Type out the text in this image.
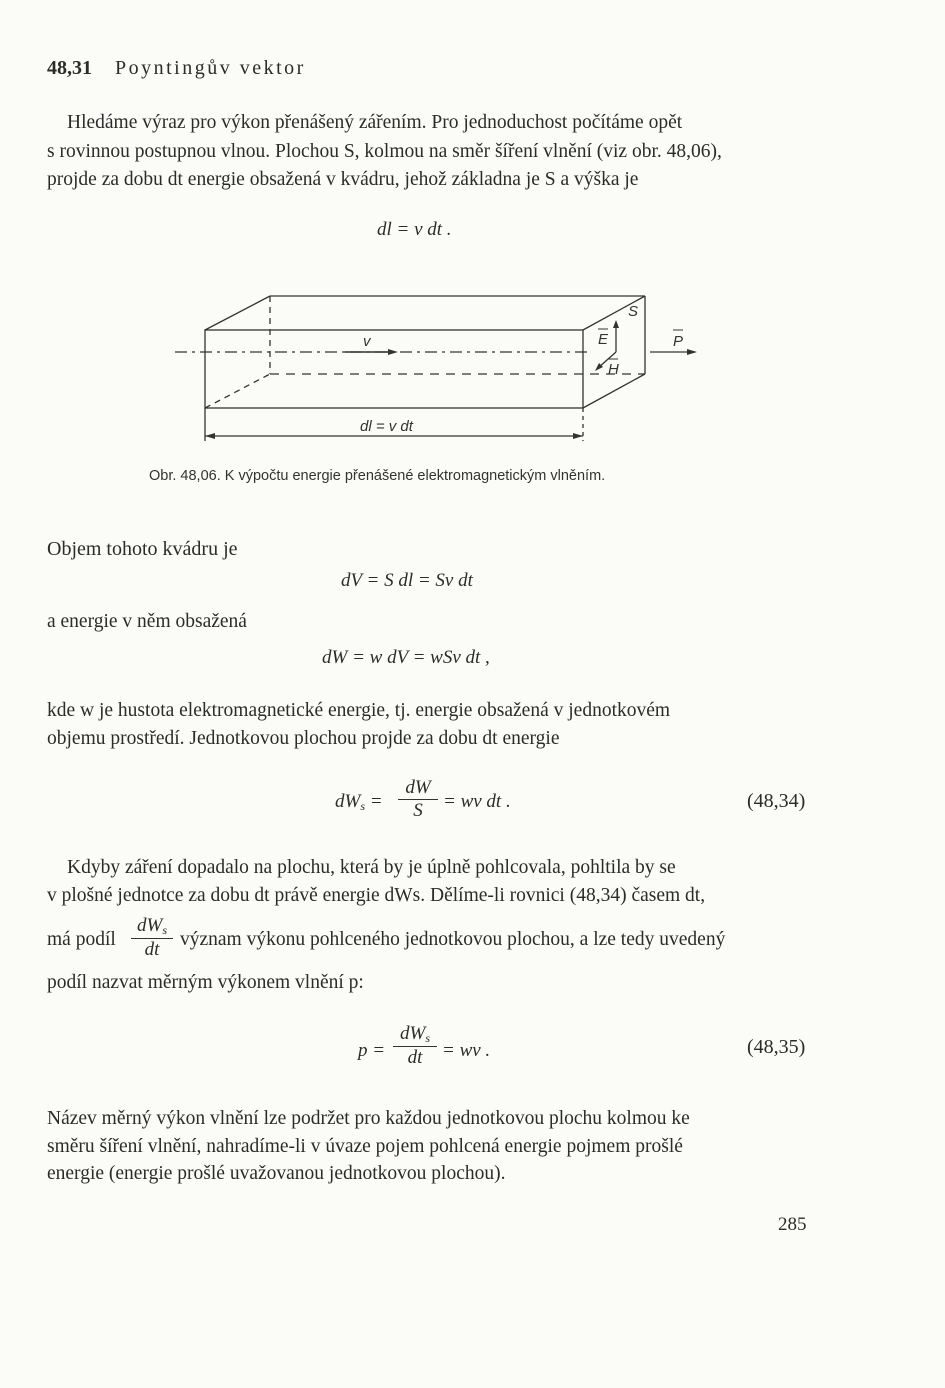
48,31 Poyntingův vektor
Hledáme výraz pro výkon přenášený zářením. Pro jednoduchost počítáme opět
s rovinnou postupnou vlnou. Plochou S, kolmou na směr šíření vlnění (viz obr. 48,06),
projde za dobu dt energie obsažená v kvádru, jehož základna je S a výška je
dl = v dt .
v
S
E
H
P
dl = v dt
Obr. 48,06. K výpočtu energie přenášené elektromagnetickým vlněním.
Objem tohoto kvádru je
dV = S dl = Sv dt
a energie v něm obsažená
dW = w dV = wSv dt ,
kde w je hustota elektromagnetické energie, tj. energie obsažená v jednotkovém
objemu prostředí. Jednotkovou plochou projde za dobu dt energie
$dW_s = \frac{dW}{S}$ = wv dt .	(48,34)
Kdyby záření dopadalo na plochu, která by je úplně pohlcovala, pohltila by se
v plošné jednotce za dobu dt právě energie dWs. Dělíme-li rovnici (48,34) časem dt,
má podíl
$dW_s$
dt	význam výkonu pohlceného jednotkovou plochou, a lze tedy uvedený
podíl nazvat měrným výkonem vlnění p:
p =
$dW_s$
dt	= wv .	(48,35)
Název měrný výkon vlnění lze podržet pro každou jednotkovou plochu kolmou ke
směru šíření vlnění, nahradíme-li v úvaze pojem pohlcená energie pojmem prošlé
energie (energie prošlé uvažovanou jednotkovou plochou).
285
